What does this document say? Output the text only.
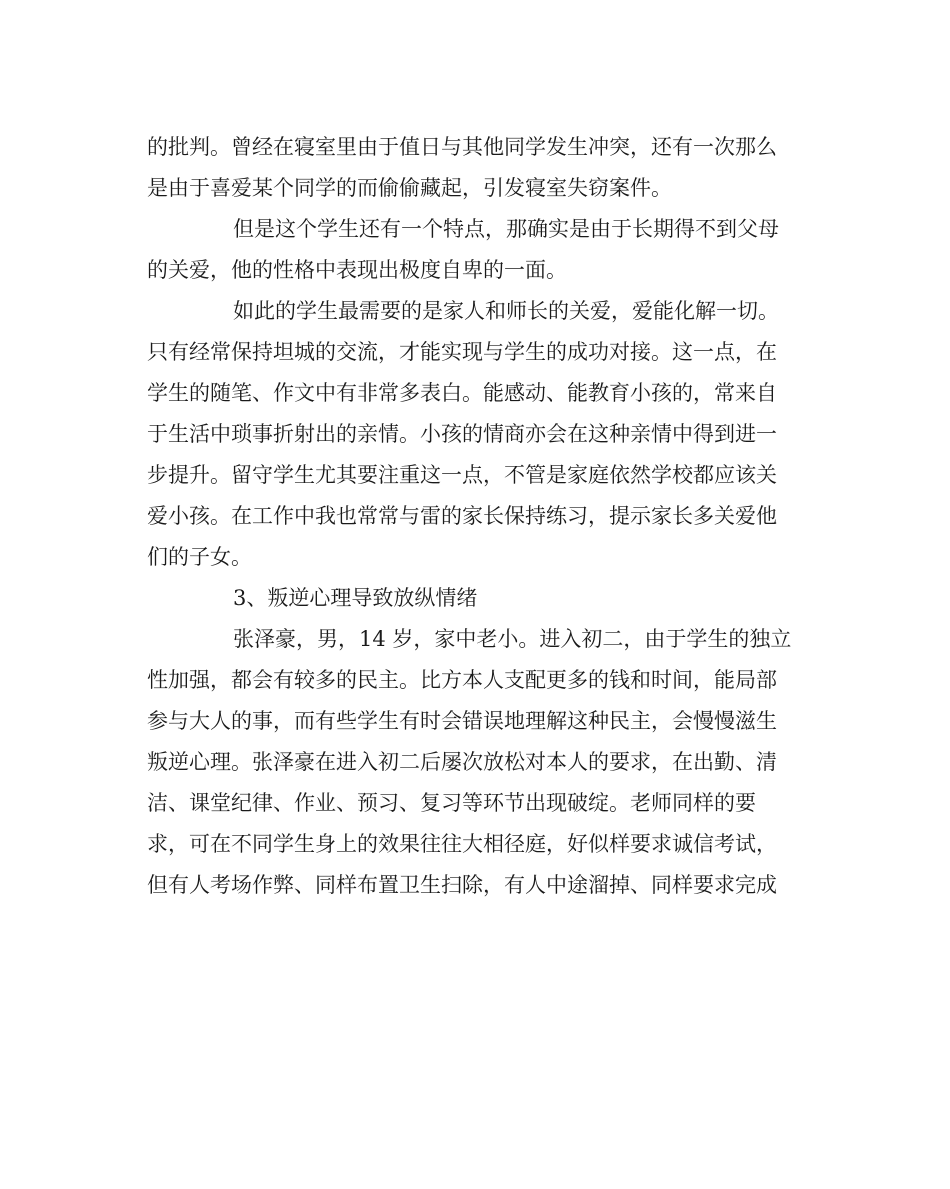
的批判。曾经在寝室里由于值日与其他同学发生冲突，还有一次那么
是由于喜爱某个同学的而偷偷藏起，引发寝室失窃案件。
但是这个学生还有一个特点，那确实是由于长期得不到父母
的关爱，他的性格中表现出极度自卑的一面。
如此的学生最需要的是家人和师长的关爱，爱能化解一切。
只有经常保持坦城的交流，才能实现与学生的成功对接。这一点，在
学生的随笔、作文中有非常多表白。能感动、能教育小孩的，常来自
于生活中琐事折射出的亲情。小孩的情商亦会在这种亲情中得到进一
步提升。留守学生尤其要注重这一点，不管是家庭依然学校都应该关
爱小孩。在工作中我也常常与雷的家长保持练习，提示家长多关爱他
们的子女。
3、叛逆心理导致放纵情绪
张泽豪，男，14 岁，家中老小。进入初二，由于学生的独立
性加强，都会有较多的民主。比方本人支配更多的钱和时间，能局部
参与大人的事，而有些学生有时会错误地理解这种民主，会慢慢滋生
叛逆心理。张泽豪在进入初二后屡次放松对本人的要求，在出勤、清
洁、课堂纪律、作业、预习、复习等环节出现破绽。老师同样的要
求，可在不同学生身上的效果往往大相径庭，好似样要求诚信考试，
但有人考场作弊、同样布置卫生扫除，有人中途溜掉、同样要求完成
